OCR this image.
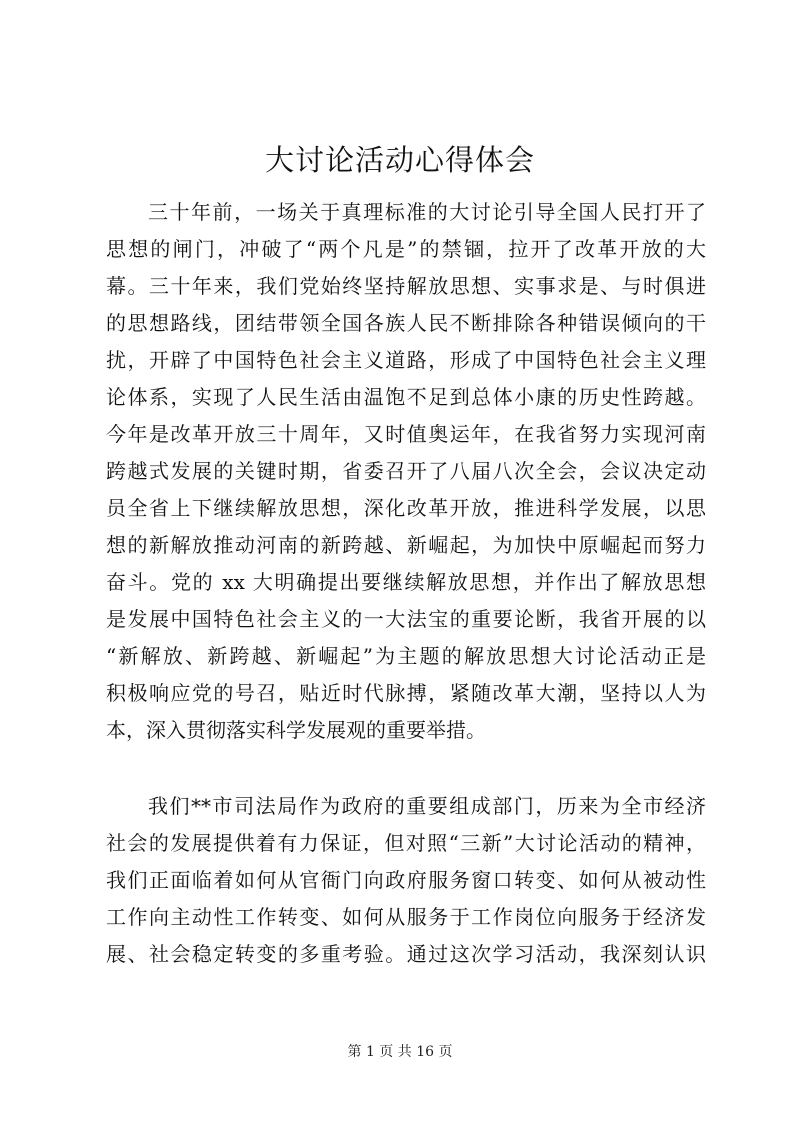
大讨论活动心得体会
三十年前，一场关于真理标准的大讨论引导全国人民打开了
思想的闸门，冲破了“两个凡是”的禁锢，拉开了改革开放的大
幕。三十年来，我们党始终坚持解放思想、实事求是、与时俱进
的思想路线，团结带领全国各族人民不断排除各种错误倾向的干
扰，开辟了中国特色社会主义道路，形成了中国特色社会主义理
论体系，实现了人民生活由温饱不足到总体小康的历史性跨越。
今年是改革开放三十周年，又时值奥运年，在我省努力实现河南
跨越式发展的关键时期，省委召开了八届八次全会，会议决定动
员全省上下继续解放思想，深化改革开放，推进科学发展，以思
想的新解放推动河南的新跨越、新崛起，为加快中原崛起而努力
奋斗。党的 xx 大明确提出要继续解放思想，并作出了解放思想
是发展中国特色社会主义的一大法宝的重要论断，我省开展的以
“新解放、新跨越、新崛起”为主题的解放思想大讨论活动正是
积极响应党的号召，贴近时代脉搏，紧随改革大潮，坚持以人为
本，深入贯彻落实科学发展观的重要举措。
我们**市司法局作为政府的重要组成部门，历来为全市经济
社会的发展提供着有力保证，但对照“三新”大讨论活动的精神，
我们正面临着如何从官衙门向政府服务窗口转变、如何从被动性
工作向主动性工作转变、如何从服务于工作岗位向服务于经济发
展、社会稳定转变的多重考验。通过这次学习活动，我深刻认识
第 1 页 共 16 页
